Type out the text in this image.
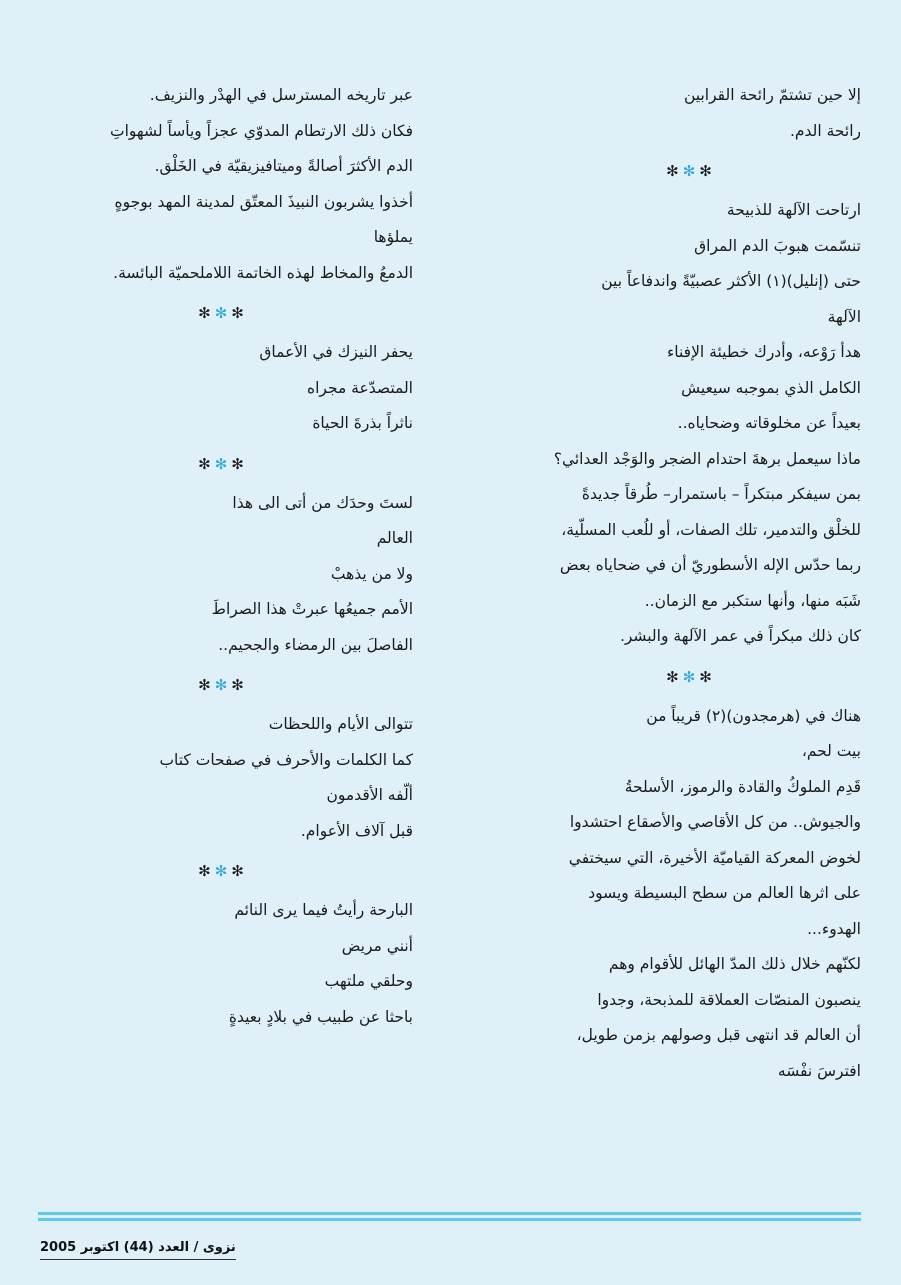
إلا حين تشتمّ رائحة القرابين
رائحة الدم.
✻✻✻
ارتاحت الآلهة للذبيحة
تنسّمت هبوبَ الدم المراق
حتى (إنليل)(١) الأكثر عصبيّةً واندفاعاً بين
الآلهة
هدأ رَوْعه، وأدرك خطيئة الإفناء
الكامل الذي بموجبه سيعيش
بعيداً عن مخلوقاته وضحاياه..
ماذا سيعمل برهةَ احتدام الضجر والوَجْد العدائي؟
بمن سيفكر مبتكراً – باستمرار– طُرقاً جديدةً
للخلْق والتدمير، تلك الصفات، أو للُعب المسلّية،
ربما حدّس الإله الأسطوريّ أن في ضحاياه بعض
شَبَه منها، وأنها ستكبر مع الزمان..
كان ذلك مبكراً في عمر الآلهة والبشر.
✻✻✻
هناك في (هرمجدون)(٢) قريباً من
بيت لحم،
قَدِم الملوكُ والقادة والرموز، الأسلحةُ
والجيوش.. من كل الأقاصي والأصقاع احتشدوا
لخوض المعركة القياميّة الأخيرة، التي سيختفي
على اثرها العالم من سطح البسيطة ويسود
الهدوء...
لكنّهم خلال ذلك المدّ الهائل للأقوام وهم
ينصبون المنصّات العملاقة للمذبحة، وجدوا
أن العالم قد انتهى قبل وصولهم بزمن طويل،
افترسَ نفْسَه
عبر تاريخه المسترسل في الهدْر والنزيف.
فكان ذلك الارتطام المدوّي عجزاً ويأساً لشهواتِ
الدم الأكثرَ أصالةً وميتافيزيقيّة في الخَلْق.
أخذوا يشربون النبيذَ المعتّق لمدينة المهد بوجوهٍ
يملؤها
الدمعُ والمخاط لهذه الخاتمة اللاملحميّة البائسة.
✻✻✻
يحفر النيزك في الأعماق
المتصدّعة مجراه
ناثراً بذرةَ الحياة
✻✻✻
لستَ وحدَك من أتى الى هذا
العالم
ولا من يذهبْ
الأمم جميعُها عبرتْ هذا الصراطَ
الفاصلَ بين الرمضاء والجحيم..
✻✻✻
تتوالى الأيام واللحظات
كما الكلمات والأحرف في صفحات كتاب
ألّفه الأقدمون
قبل آلاف الأعوام.
✻✻✻
البارحة رأيتُ فيما يرى النائم
أنني مريض
وحلقي ملتهب
باحثا عن طبيب في بلادٍ بعيدةٍ
نزوى / العدد (44) اكتوبر 2005
